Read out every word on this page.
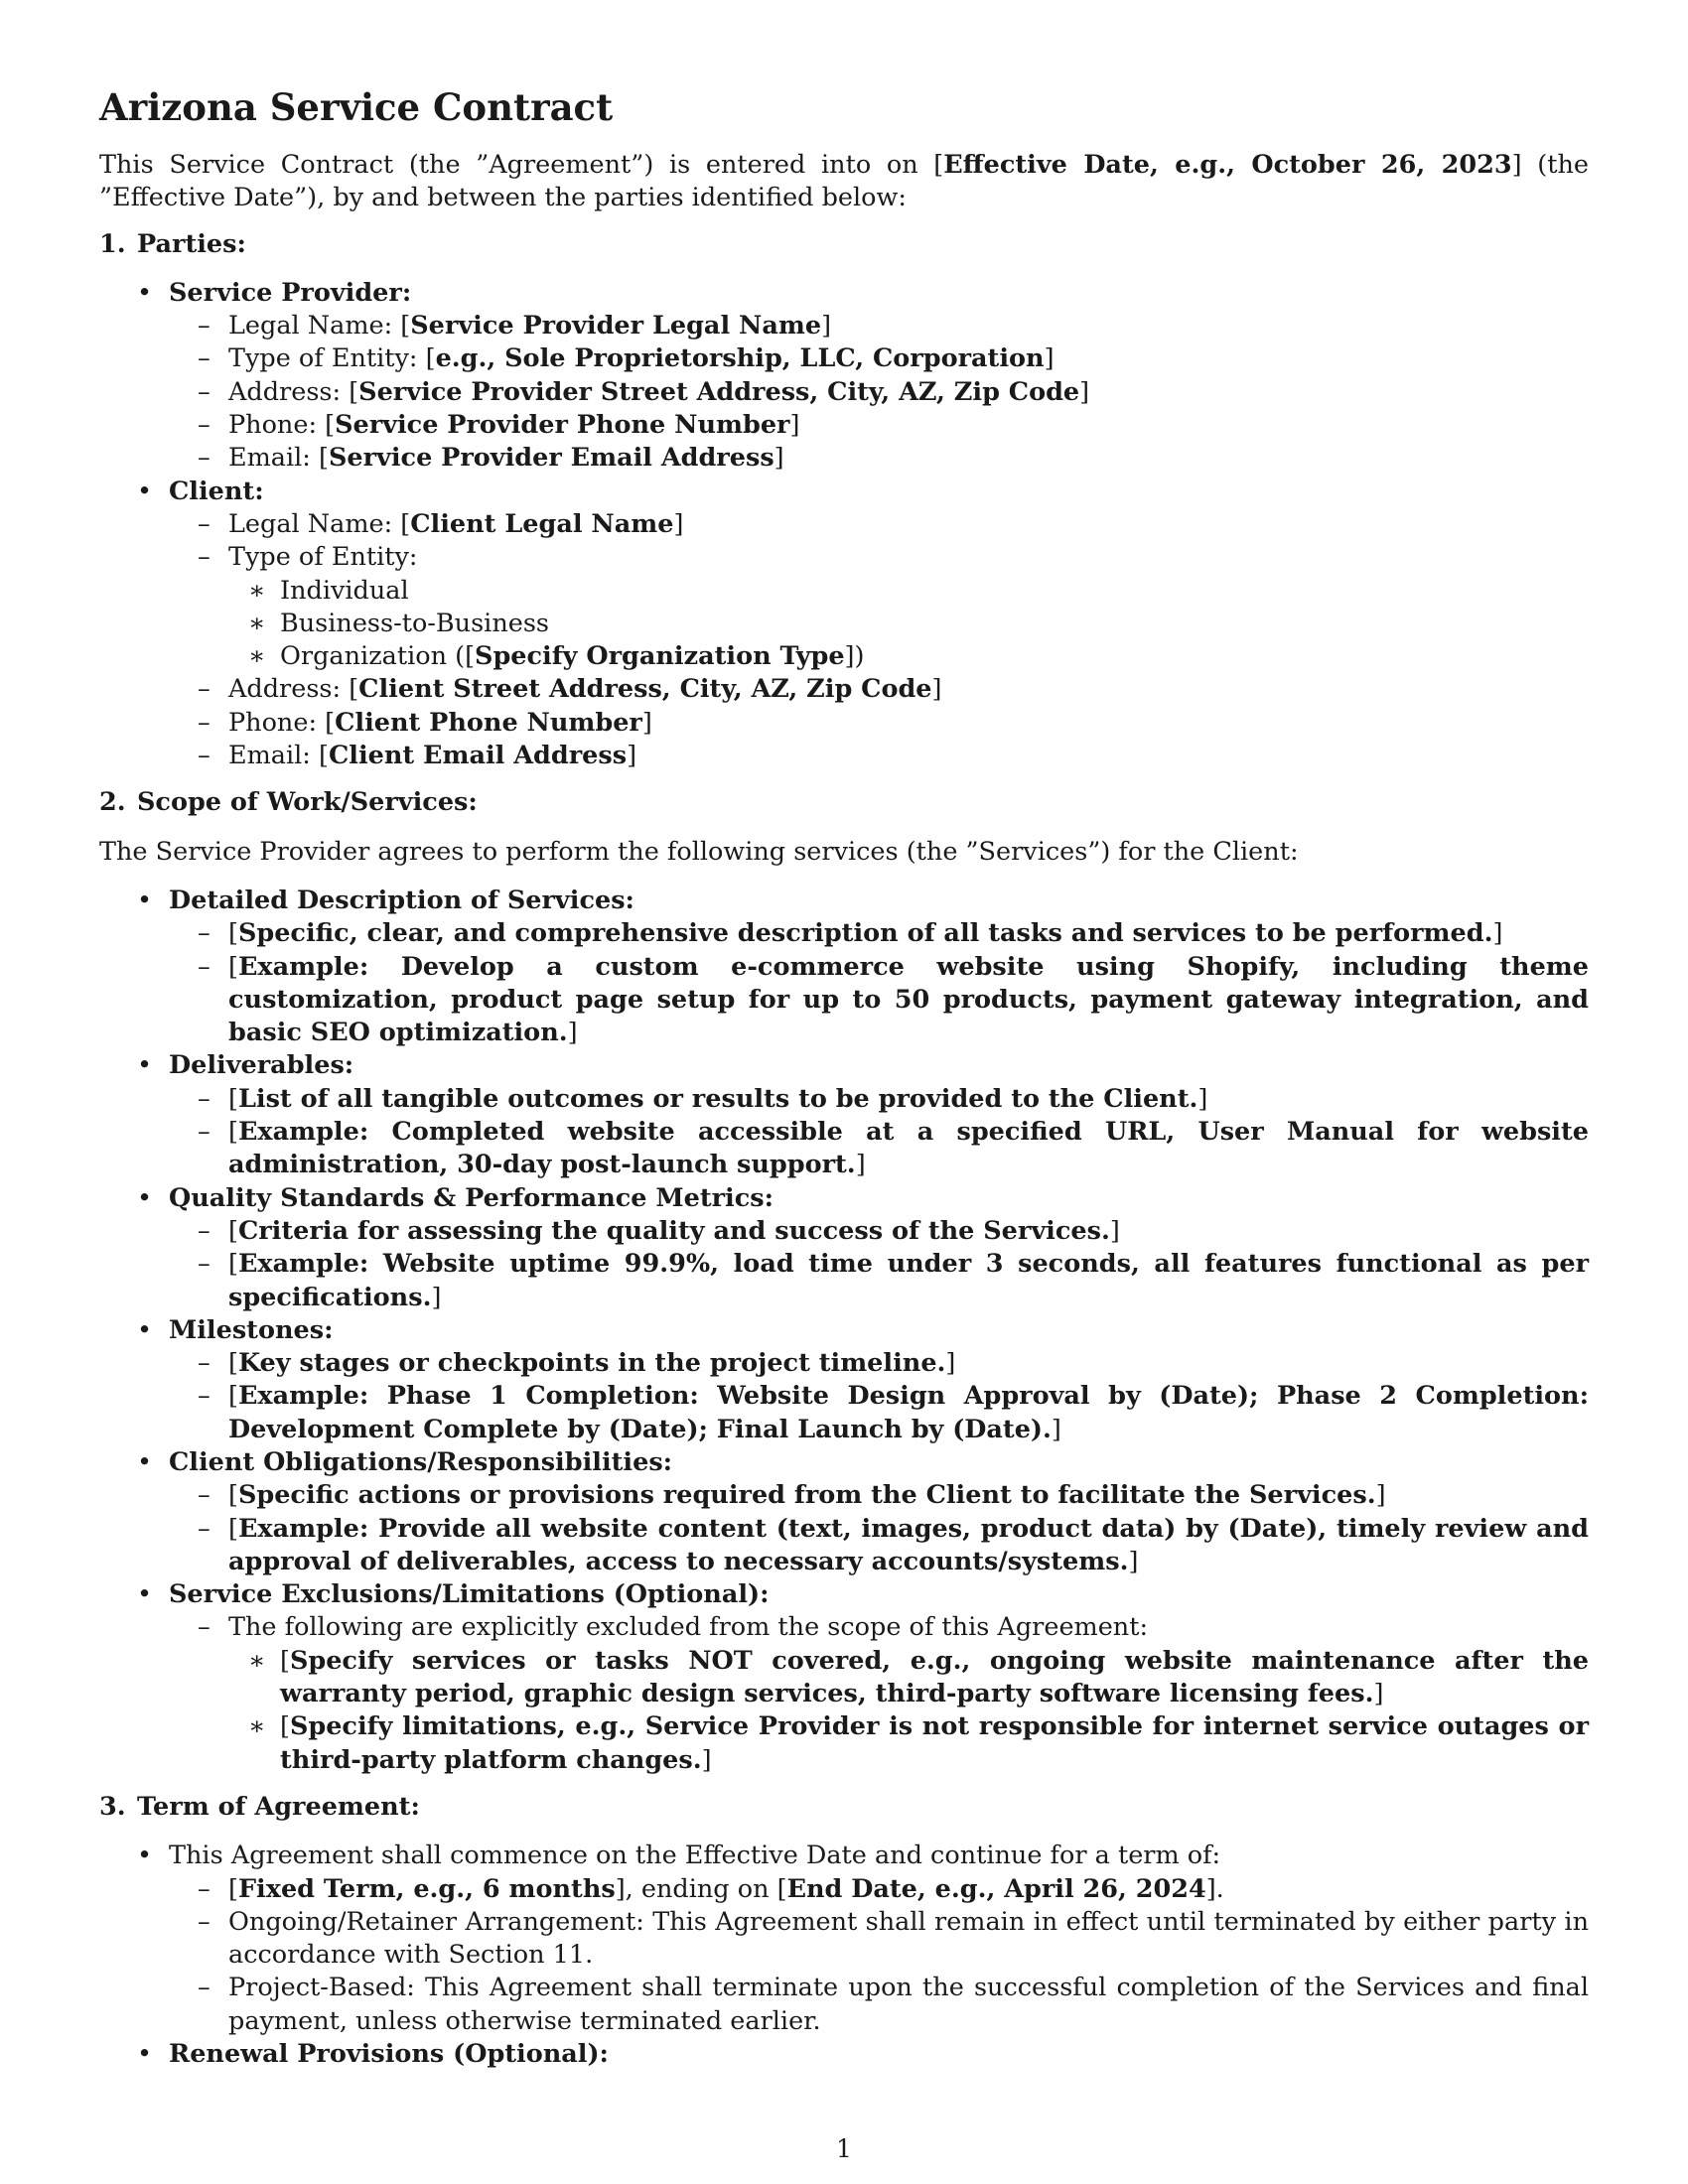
Arizona Service Contract

This Service Contract (the ”Agreement”) is entered into on [Effective Date, e.g., October 26, 2023] (the ”Effective Date”), by and between the parties identified below:

1. Parties:
• Service Provider:
– Legal Name: [Service Provider Legal Name]
– Type of Entity: [e.g., Sole Proprietorship, LLC, Corporation]
– Address: [Service Provider Street Address, City, AZ, Zip Code]
– Phone: [Service Provider Phone Number]
– Email: [Service Provider Email Address]
• Client:
– Legal Name: [Client Legal Name]
– Type of Entity:
∗ Individual
∗ Business-to-Business
∗ Organization ([Specify Organization Type])
– Address: [Client Street Address, City, AZ, Zip Code]
– Phone: [Client Phone Number]
– Email: [Client Email Address]
2. Scope of Work/Services:

The Service Provider agrees to perform the following services (the ”Services”) for the Client:

• Detailed Description of Services:
– [Specific, clear, and comprehensive description of all tasks and services to be performed.]
– [Example: Develop a custom e-commerce website using Shopify, including theme customization, product page setup for up to 50 products, payment gateway integration, and basic SEO optimization.]
• Deliverables:
– [List of all tangible outcomes or results to be provided to the Client.]
– [Example: Completed website accessible at a specified URL, User Manual for website administration, 30-day post-launch support.]
• Quality Standards & Performance Metrics:
– [Criteria for assessing the quality and success of the Services.]
– [Example: Website uptime 99.9%, load time under 3 seconds, all features functional as per specifications.]
• Milestones:
– [Key stages or checkpoints in the project timeline.]
– [Example: Phase 1 Completion: Website Design Approval by (Date); Phase 2 Completion: Development Complete by (Date); Final Launch by (Date).]
• Client Obligations/Responsibilities:
– [Specific actions or provisions required from the Client to facilitate the Services.]
– [Example: Provide all website content (text, images, product data) by (Date), timely review and approval of deliverables, access to necessary accounts/systems.]
• Service Exclusions/Limitations (Optional):
– The following are explicitly excluded from the scope of this Agreement:
∗ [Specify services or tasks NOT covered, e.g., ongoing website maintenance after the warranty period, graphic design services, third-party software licensing fees.]
∗ [Specify limitations, e.g., Service Provider is not responsible for internet service outages or third-party platform changes.]
3. Term of Agreement:
• This Agreement shall commence on the Effective Date and continue for a term of:
– [Fixed Term, e.g., 6 months], ending on [End Date, e.g., April 26, 2024].
– Ongoing/Retainer Arrangement: This Agreement shall remain in effect until terminated by either party in accordance with Section 11.
– Project-Based: This Agreement shall terminate upon the successful completion of the Services and final payment, unless otherwise terminated earlier.
• Renewal Provisions (Optional):
1
